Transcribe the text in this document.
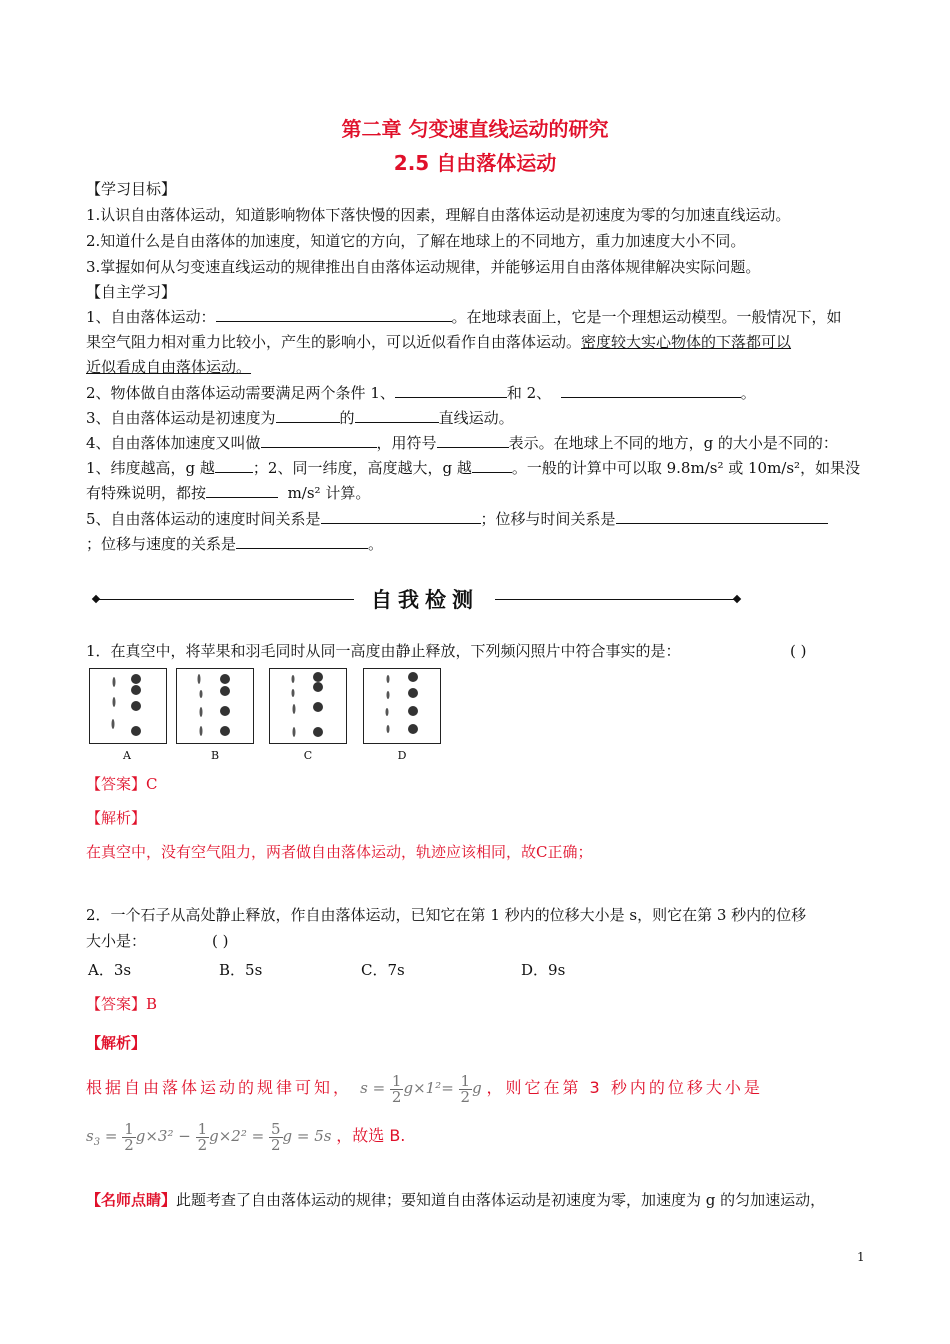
第二章 匀变速直线运动的研究
2.5 自由落体运动
【学习目标】
1.认识自由落体运动，知道影响物体下落快慢的因素，理解自由落体运动是初速度为零的匀加速直线运动。
2.知道什么是自由落体的加速度，知道它的方向，了解在地球上的不同地方，重力加速度大小不同。
3.掌握如何从匀变速直线运动的规律推出自由落体运动规律，并能够运用自由落体规律解决实际问题。
【自主学习】
1、自由落体运动：	。在地球表面上，它是一个理想运动模型。一般情况下，如
果空气阻力相对重力比较小，产生的影响小，可以近似看作自由落体运动。密度较大实心物体的下落都可以
近似看成自由落体运动。
2、物体做自由落体运动需要满足两个条件 1、	和 2、	。
3、自由落体运动是初速度为	的	直线运动。
4、自由落体加速度又叫做	，用符号	表示。在地球上不同的地方，g 的大小是不同的：
1、纬度越高，g 越	；2、同一纬度，高度越大，g 越	。一般的计算中可以取 9.8m/s² 或 10m/s²，如果没
有特殊说明，都按	m/s² 计算。
5、自由落体运动的速度时间关系是	；位移与时间关系是
；位移与速度的关系是	。
自我检测
1．在真空中，将苹果和羽毛同时从同一高度由静止释放，下列频闪照片中符合事实的是：	( )
A	B	C	D
【答案】C
【解析】
在真空中，没有空气阻力，两者做自由落体运动，轨迹应该相同，故C正确；
2．一个石子从高处静止释放，作自由落体运动，已知它在第 1 秒内的位移大小是 s，则它在第 3 秒内的位移
大小是：	( )
A．3s	B．5s	C．7s	D．9s
【答案】B
【解析】
根据自由落体运动的规律可知， $s = \frac{1}{2} g\times 1^2= \frac{1}{2}$ g ，则它在第 3 秒内的位移大小是
$s_3 = \frac{1}{2} g\times 3^2 - \frac{1}{2} g\times 2^2 = \frac{5}{2}$ g = 5s ，故选 B.
【名师点睛】此题考查了自由落体运动的规律；要知道自由落体运动是初速度为零，加速度为 g 的匀加速运动，
1
